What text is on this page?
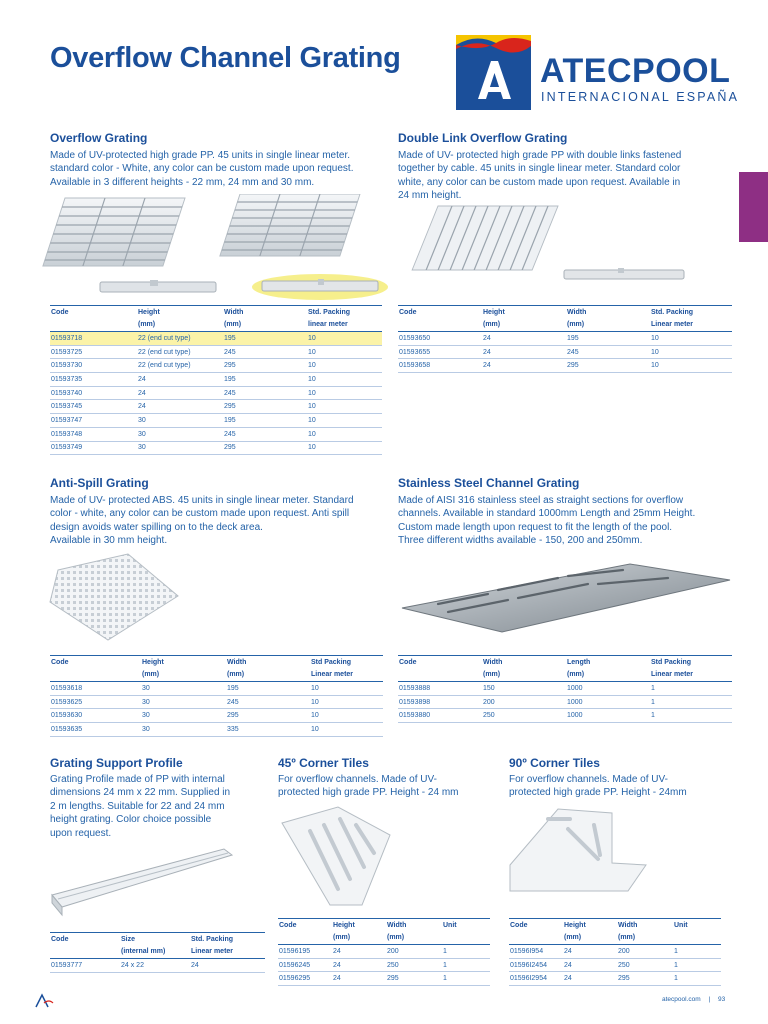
Overflow Channel Grating	ATECPOOL
INTERNACIONAL ESPAÑA
Overflow Grating
Made of UV-protected high grade PP. 45 units in single linear meter.
standard color - White, any color can be custom made upon request.
Available in 3 different heights - 22 mm, 24 mm and 30 mm.
Code	Height	Width	Std. Packing
	(mm)	(mm)	linear meter
01593718	22 (end cut type)	195	10
01593725	22 (end cut type)	245	10
01593730	22 (end cut type)	295	10
01593735	24	195	10
01593740	24	245	10
01593745	24	295	10
01593747	30	195	10
01593748	30	245	10
01593749	30	295	10
Double Link Overflow Grating
Made of UV- protected high grade PP with double links fastened
together by cable. 45 units in single linear meter. Standard color
white, any color can be custom made upon request. Available in
24 mm height.
Code	Height	Width	Std. Packing
	(mm)	(mm)	Linear meter
01593650	24	195	10
01593655	24	245	10
01593658	24	295	10
Anti-Spill Grating
Made of UV- protected ABS. 45 units in single linear meter. Standard
color - white, any color can be custom made upon request. Anti spill
design avoids water spilling on to the deck area.
Available in 30 mm height.
Code	Height	Width	Std Packing
	(mm)	(mm)	Linear meter
01593618	30	195	10
01593625	30	245	10
01593630	30	295	10
01593635	30	335	10
Stainless Steel Channel Grating
Made of AISI 316 stainless steel as straight sections for overflow
channels. Available in standard 1000mm Length and 25mm Height.
Custom made length upon request to fit the length of the pool.
Three different widths available - 150, 200 and 250mm.
Code	Width	Length	Std Packing
	(mm)	(mm)	Linear meter
01593888	150	1000	1
01593898	200	1000	1
01593880	250	1000	1
Grating Support Profile
Grating Profile made of PP with internal
dimensions 24 mm x 22 mm. Supplied in
2 m lengths. Suitable for 22 and 24 mm
height grating. Color choice possible
upon request.
Code	Size	Std. Packing
	(internal mm)	Linear meter
01593777	24 x 22	24
45º Corner Tiles
For overflow channels. Made of UV-
protected high grade PP. Height - 24 mm
Code	Height	Width	Unit
	(mm)	(mm)	
01596195	24	200	1
01596245	24	250	1
01596295	24	295	1
90º Corner Tiles
For overflow channels. Made of UV-
protected high grade PP. Height - 24mm
Code	Height	Width	Unit
	(mm)	(mm)	
01596I954	24	200	1
01596I2454	24	250	1
01596I2954	24	295	1
atecpool.com | 93
